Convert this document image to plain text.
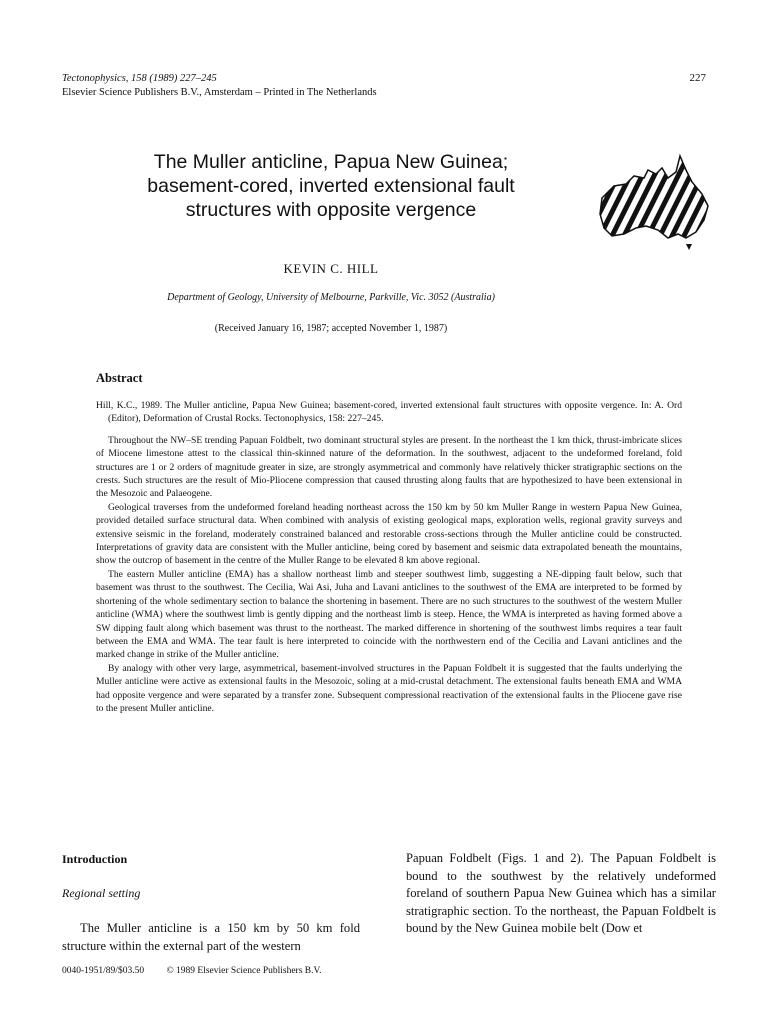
Tectonophysics, 158 (1989) 227–245
Elsevier Science Publishers B.V., Amsterdam – Printed in The Netherlands
227
The Muller anticline, Papua New Guinea;
basement-cored, inverted extensional fault
structures with opposite vergence
KEVIN C. HILL
Department of Geology, University of Melbourne, Parkville, Vic. 3052 (Australia)
(Received January 16, 1987; accepted November 1, 1987)
Abstract

Hill, K.C., 1989. The Muller anticline, Papua New Guinea; basement-cored, inverted extensional fault structures with opposite vergence. In: A. Ord (Editor), Deformation of Crustal Rocks. Tectonophysics, 158: 227–245.

Throughout the NW–SE trending Papuan Foldbelt, two dominant structural styles are present. In the northeast the 1 km thick, thrust-imbricate slices of Miocene limestone attest to the classical thin-skinned nature of the deformation. In the southwest, adjacent to the undeformed foreland, fold structures are 1 or 2 orders of magnitude greater in size, are strongly asymmetrical and commonly have relatively thicker stratigraphic sections on the crests. Such structures are the result of Mio-Pliocene compression that caused thrusting along faults that are hypothesized to have been extensional in the Mesozoic and Palaeogene.

Geological traverses from the undeformed foreland heading northeast across the 150 km by 50 km Muller Range in western Papua New Guinea, provided detailed surface structural data. When combined with analysis of existing geological maps, exploration wells, regional gravity surveys and extensive seismic in the foreland, moderately constrained balanced and restorable cross-sections through the Muller anticline could be constructed. Interpretations of gravity data are consistent with the Muller anticline, being cored by basement and seismic data extrapolated beneath the mountains, show the outcrop of basement in the centre of the Muller Range to be elevated 8 km above regional.

The eastern Muller anticline (EMA) has a shallow northeast limb and steeper southwest limb, suggesting a NE-dipping fault below, such that basement was thrust to the southwest. The Cecilia, Wai Asi, Juha and Lavani anticlines to the southwest of the EMA are interpreted to be formed by shortening of the whole sedimentary section to balance the shortening in basement. There are no such structures to the southwest of the western Muller anticline (WMA) where the southwest limb is gently dipping and the northeast limb is steep. Hence, the WMA is interpreted as having formed above a SW dipping fault along which basement was thrust to the northeast. The marked difference in shortening of the southwest limbs requires a tear fault between the EMA and WMA. The tear fault is here interpreted to coincide with the northwestern end of the Cecilia and Lavani anticlines and the marked change in strike of the Muller anticline.

By analogy with other very large, asymmetrical, basement-involved structures in the Papuan Foldbelt it is suggested that the faults underlying the Muller anticline were active as extensional faults in the Mesozoic, soling at a mid-crustal detachment. The extensional faults beneath EMA and WMA had opposite vergence and were separated by a transfer zone. Subsequent compressional reactivation of the extensional faults in the Pliocene gave rise to the present Muller anticline.

Introduction
Regional setting
The Muller anticline is a 150 km by 50 km fold structure within the external part of the western
Papuan Foldbelt (Figs. 1 and 2). The Papuan Foldbelt is bound to the southwest by the relatively undeformed foreland of southern Papua New Guinea which has a similar stratigraphic section. To the northeast, the Papuan Foldbelt is bound by the New Guinea mobile belt (Dow et
0040-1951/89/$03.50 © 1989 Elsevier Science Publishers B.V.
